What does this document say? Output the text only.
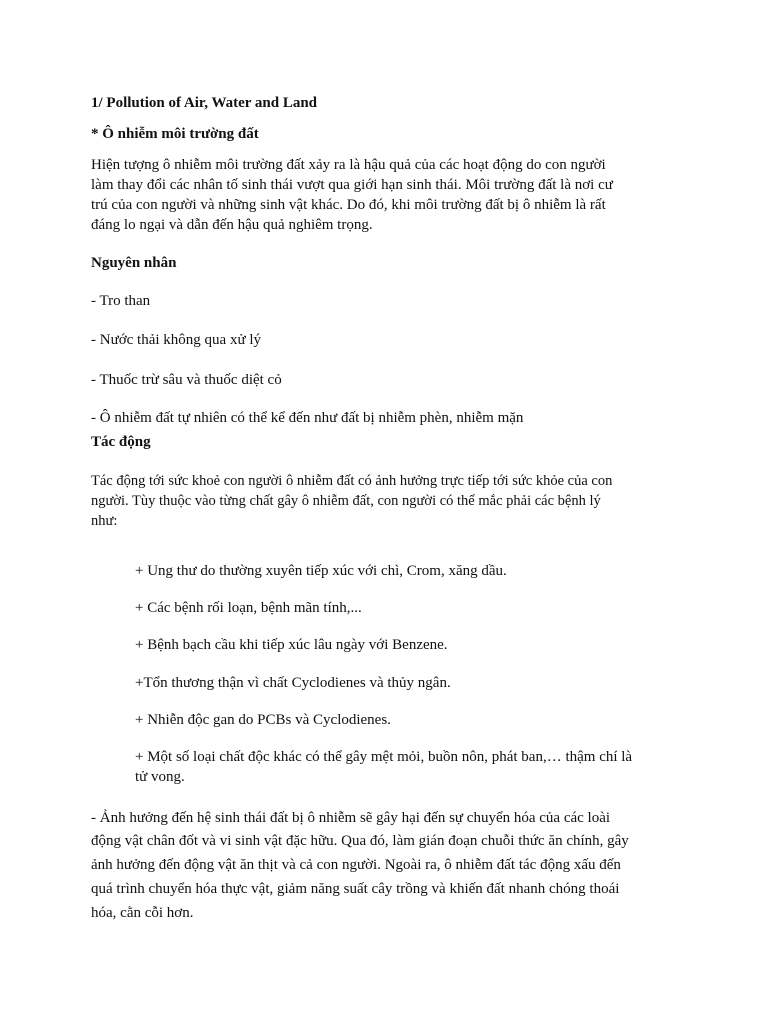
1/ Pollution of Air, Water and Land

* Ô nhiễm môi trường đất

Hiện tượng ô nhiễm môi trường đất xảy ra là hậu quả của các hoạt động do con người

làm thay đổi các nhân tố sinh thái vượt qua giới hạn sinh thái. Môi trường đất là nơi cư

trú của con người và những sinh vật khác. Do đó, khi môi trường đất bị ô nhiễm là rất

đáng lo ngại và dẫn đến hậu quả nghiêm trọng.

Nguyên nhân

- Tro than

- Nước thải không qua xử lý

- Thuốc trừ sâu và thuốc diệt cỏ

- Ô nhiễm đất tự nhiên có thể kể đến như đất bị nhiễm phèn, nhiễm mặn

Tác động

Tác động tới sức khoẻ con người ô nhiễm đất có ảnh hưởng trực tiếp tới sức khỏe của con

người. Tùy thuộc vào từng chất gây ô nhiễm đất, con người có thể mắc phải các bệnh lý

như:

+ Ung thư do thường xuyên tiếp xúc với chì, Crom, xăng dầu.

+ Các bệnh rối loạn, bệnh mãn tính,...

+ Bệnh bạch cầu khi tiếp xúc lâu ngày với Benzene.

+Tổn thương thận vì chất Cyclodienes và thủy ngân.

+ Nhiễn độc gan do PCBs và Cyclodienes.

+ Một số loại chất độc khác có thể gây mệt mỏi, buồn nôn, phát ban,… thậm chí là

tử vong.

- Ảnh hưởng đến hệ sinh thái đất bị ô nhiễm sẽ gây hại đến sự chuyển hóa của các loài

động vật chân đốt và vi sinh vật đặc hữu. Qua đó, làm gián đoạn chuỗi thức ăn chính, gây

ảnh hưởng đến động vật ăn thịt và cả con người. Ngoài ra, ô nhiễm đất tác động xấu đến

quá trình chuyển hóa thực vật, giảm năng suất cây trồng và khiến đất nhanh chóng thoái

hóa, cằn cỗi hơn.
